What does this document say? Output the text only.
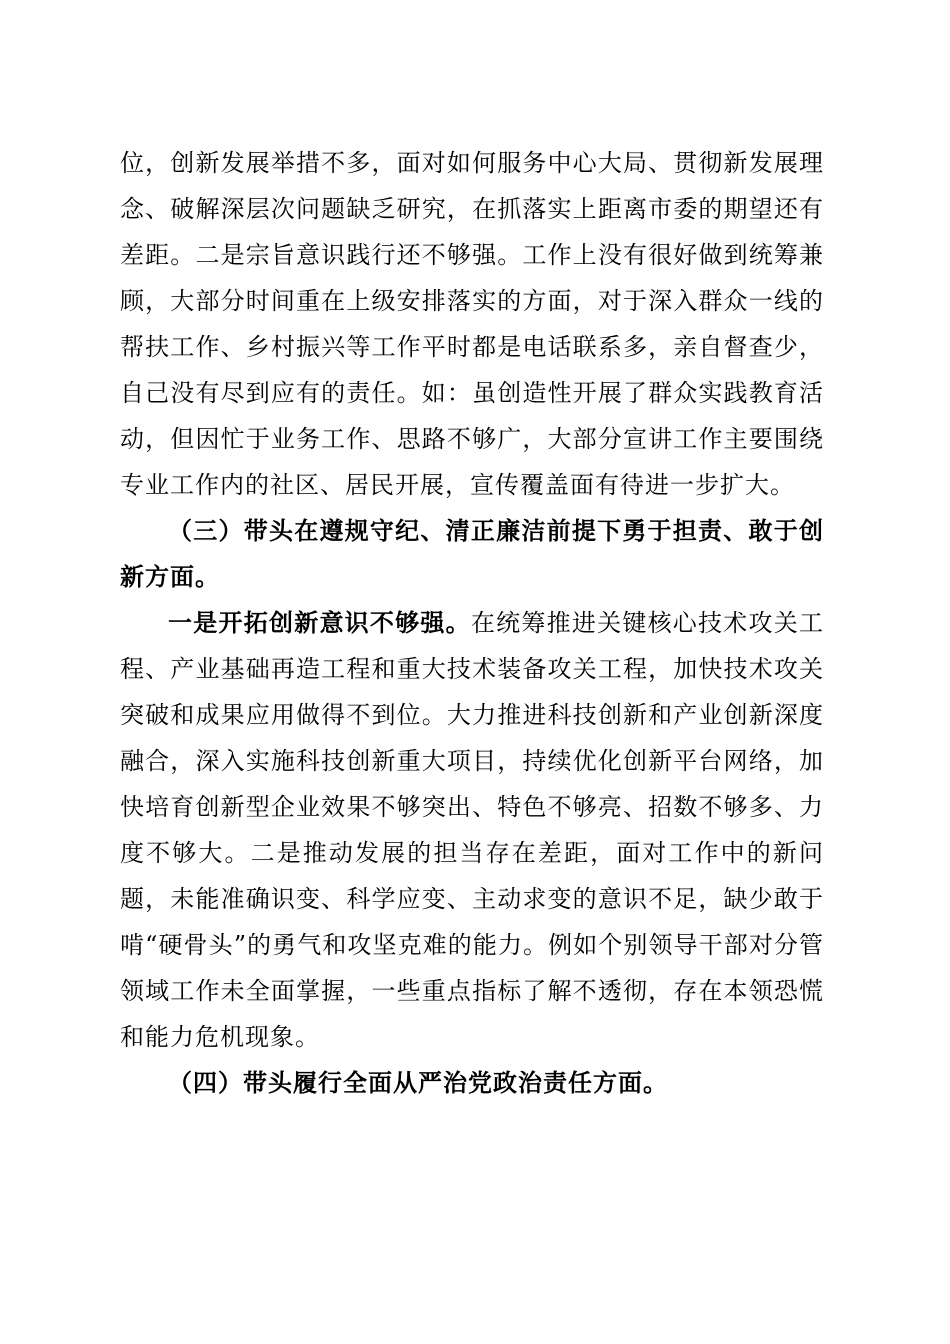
位，创新发展举措不多，面对如何服务中心大局、贯彻新发展理念、破解深层次问题缺乏研究，在抓落实上距离市委的期望还有差距。二是宗旨意识践行还不够强。工作上没有很好做到统筹兼顾，大部分时间重在上级安排落实的方面，对于深入群众一线的帮扶工作、乡村振兴等工作平时都是电话联系多，亲自督查少，自己没有尽到应有的责任。如：虽创造性开展了群众实践教育活动，但因忙于业务工作、思路不够广，大部分宣讲工作主要围绕专业工作内的社区、居民开展，宣传覆盖面有待进一步扩大。

（三）带头在遵规守纪、清正廉洁前提下勇于担责、敢于创新方面。

一是开拓创新意识不够强。在统筹推进关键核心技术攻关工程、产业基础再造工程和重大技术装备攻关工程，加快技术攻关突破和成果应用做得不到位。大力推进科技创新和产业创新深度融合，深入实施科技创新重大项目，持续优化创新平台网络，加快培育创新型企业效果不够突出、特色不够亮、招数不够多、力度不够大。二是推动发展的担当存在差距，面对工作中的新问题，未能准确识变、科学应变、主动求变的意识不足，缺少敢于啃“硬骨头”的勇气和攻坚克难的能力。例如个别领导干部对分管领域工作未全面掌握，一些重点指标了解不透彻，存在本领恐慌和能力危机现象。

（四）带头履行全面从严治党政治责任方面。
